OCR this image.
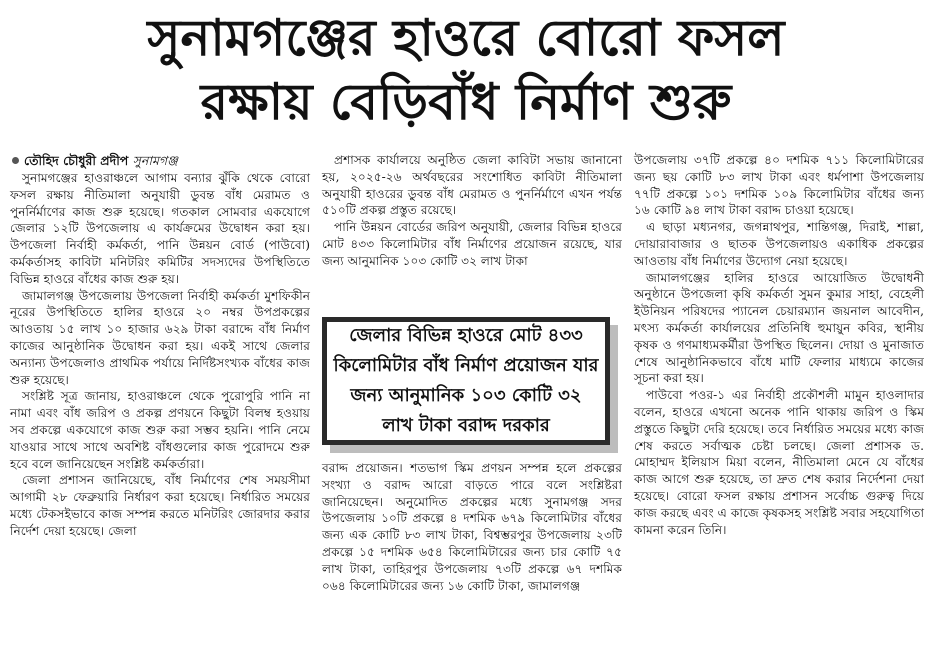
সুনামগঞ্জের হাওরে বোরো ফসল
রক্ষায় বেড়িবাঁধ নির্মাণ শুরু
তৌহিদ চৌধুরী প্রদীপ সুনামগঞ্জ

সুনামগঞ্জের হাওরাঞ্চলে আগাম বন্যার ঝুঁকি থেকে বোরো ফসল রক্ষায় নীতিমালা অনুযায়ী ডুবন্ত বাঁধ মেরামত ও পুনর্নির্মাণের কাজ শুরু হয়েছে। গতকাল সোমবার একযোগে জেলার ১২টি উপজেলায় এ কার্যক্রমের উদ্বোধন করা হয়। উপজেলা নির্বাহী কর্মকর্তা, পানি উন্নয়ন বোর্ড (পাউবো) কর্মকর্তাসহ কাবিটা মনিটরিং কমিটির সদস্যদের উপস্থিতিতে বিভিন্ন হাওরে বাঁধের কাজ শুরু হয়।

জামালগঞ্জ উপজেলায় উপজেলা নির্বাহী কর্মকর্তা মুশফিকীন নূরের উপস্থিতিতে হালির হাওরে ২০ নম্বর উপপ্রকল্পের আওতায় ১৫ লাখ ১০ হাজার ৬২৯ টাকা বরাদ্দে বাঁধ নির্মাণ কাজের আনুষ্ঠানিক উদ্বোধন করা হয়। একই সাথে জেলার অন্যান্য উপজেলাও প্রাথমিক পর্যায়ে নির্দিষ্টসংখ্যক বাঁধের কাজ শুরু হয়েছে।

সংশ্লিষ্ট সূত্র জানায়, হাওরাঞ্চলে থেকে পুরোপুরি পানি না নামা এবং বাঁধ জরিপ ও প্রকল্প প্রণয়নে কিছুটা বিলম্ব হওয়ায় সব প্রকল্পে একযোগে কাজ শুরু করা সম্ভব হয়নি। পানি নেমে যাওয়ার সাথে সাথে অবশিষ্ট বাঁধগুলোর কাজ পুরোদমে শুরু হবে বলে জানিয়েছেন সংশ্লিষ্ট কর্মকর্তারা।

জেলা প্রশাসন জানিয়েছে, বাঁধ নির্মাণের শেষ সময়সীমা আগামী ২৮ ফেব্রুয়ারি নির্ধারণ করা হয়েছে। নির্ধারিত সময়ের মধ্যে টেকসইভাবে কাজ সম্পন্ন করতে মনিটরিং জোরদার করার নির্দেশ দেয়া হয়েছে। জেলা

প্রশাসক কার্যালয়ে অনুষ্ঠিত জেলা কাবিটা সভায় জানানো হয়, ২০২৫-২৬ অর্থবছরের সংশোধিত কাবিটা নীতিমালা অনুযায়ী হাওরের ডুবন্ত বাঁধ মেরামত ও পুনর্নির্মাণে এখন পর্যন্ত ৫১০টি প্রকল্প প্রস্তুত রয়েছে।

পানি উন্নয়ন বোর্ডের জরিপ অনুযায়ী, জেলার বিভিন্ন হাওরে মোট ৪৩৩ কিলোমিটার বাঁধ নির্মাণের প্রয়োজন রয়েছে, যার জন্য আনুমানিক ১০৩ কোটি ৩২ লাখ টাকা

জেলার বিভিন্ন হাওরে মোট ৪৩৩ কিলোমিটার বাঁধ নির্মাণ প্রয়োজন যার জন্য আনুমানিক ১০৩ কোটি ৩২ লাখ টাকা বরাদ্দ দরকার

বরাদ্দ প্রয়োজন। শতভাগ স্কিম প্রণয়ন সম্পন্ন হলে প্রকল্পের সংখ্যা ও বরাদ্দ আরো বাড়তে পারে বলে সংশ্লিষ্টরা জানিয়েছেন। অনুমোদিত প্রকল্পের মধ্যে সুনামগঞ্জ সদর উপজেলায় ১০টি প্রকল্পে ৪ দশমিক ৬৭৯ কিলোমিটার বাঁধের জন্য এক কোটি ৮৩ লাখ টাকা, বিশ্বম্ভরপুর উপজেলায় ২৩টি প্রকল্পে ১৫ দশমিক ৬৫৪ কিলোমিটারের জন্য চার কোটি ৭৫ লাখ টাকা, তাহিরপুর উপজেলায় ৭৩টি প্রকল্পে ৬৭ দশমিক ০৬৪ কিলোমিটারের জন্য ১৬ কোটি টাকা, জামালগঞ্জ

উপজেলায় ৩৭টি প্রকল্পে ৪০ দশমিক ৭১১ কিলোমিটারের জন্য ছয় কোটি ৮৩ লাখ টাকা এবং ধর্মপাশা উপজেলায় ৭৭টি প্রকল্পে ১০১ দশমিক ১০৯ কিলোমিটার বাঁধের জন্য ১৬ কোটি ৯৪ লাখ টাকা বরাদ্দ চাওয়া হয়েছে।

এ ছাড়া মধ্যনগর, জগন্নাথপুর, শান্তিগঞ্জ, দিরাই, শাল্লা, দোয়ারাবাজার ও ছাতক উপজেলায়ও একাধিক প্রকল্পের আওতায় বাঁধ নির্মাণের উদ্যোগ নেয়া হয়েছে।

জামালগঞ্জের হালির হাওরে আয়োজিত উদ্বোধনী অনুষ্ঠানে উপজেলা কৃষি কর্মকর্তা সুমন কুমার সাহা, বেহেলী ইউনিয়ন পরিষদের প্যানেল চেয়ারম্যান জয়নাল আবেদীন, মৎস্য কর্মকর্তা কার্যালয়ের প্রতিনিধি হুমায়ুন কবির, স্থানীয় কৃষক ও গণমাধ্যমকর্মীরা উপস্থিত ছিলেন। দোয়া ও মুনাজাত শেষে আনুষ্ঠানিকভাবে বাঁধে মাটি ফেলার মাধ্যমে কাজের সূচনা করা হয়।

পাউবো পওর-১ এর নির্বাহী প্রকৌশলী মামুন হাওলাদার বলেন, হাওরে এখনো অনেক পানি থাকায় জরিপ ও স্কিম প্রস্তুতে কিছুটা দেরি হয়েছে। তবে নির্ধারিত সময়ের মধ্যে কাজ শেষ করতে সর্বাত্মক চেষ্টা চলছে। জেলা প্রশাসক ড. মোহাম্মদ ইলিয়াস মিয়া বলেন, নীতিমালা মেনে যে বাঁধের কাজ আগে শুরু হয়েছে, তা দ্রুত শেষ করার নির্দেশনা দেয়া হয়েছে। বোরো ফসল রক্ষায় প্রশাসন সর্বোচ্চ গুরুত্ব দিয়ে কাজ করছে এবং এ কাজে কৃষকসহ সংশ্লিষ্ট সবার সহযোগিতা কামনা করেন তিনি।
